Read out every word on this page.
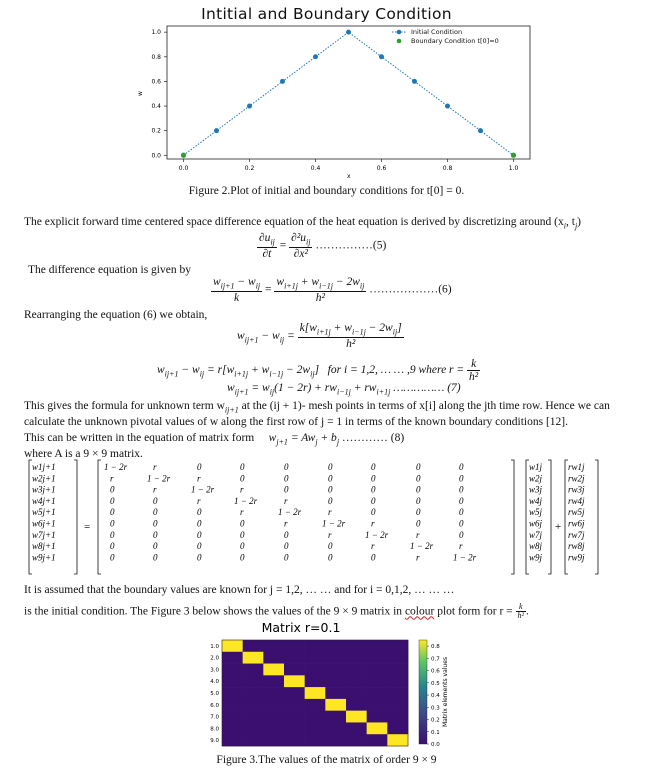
Intitial and Boundary Condition
0.0
0.2
0.4
0.6
0.8
1.0
0.0	0.2	0.4	0.6	0.8	1.0
w
x
Initial Condition
Boundary Condition t[0]=0
Figure 2.Plot of initial and boundary conditions for t[0] = 0.
The explicit forward time centered space difference equation of the heat equation is derived by discretizing around ($x_i$, $t_j$)
$\frac{\partial u_{ij}}{\partial t} = \frac{\partial^2u_{ij}}{\text{∂x²}}$ ……………(5)
The difference equation is given by
$\frac{w_{ij+1} - w_{ij}}{k} = \frac{w_{i+1j} + w_{i-1j} - 2w_{ij}}{\text{h²}}$ ………………(6)
Rearranging the equation (6) we obtain,
$w_{ij+1} - w_{ij} = \frac{k[w_{i+1j} + w_{i-1j} - 2w_{ij}]}{\text{h²}}$
$w_{ij+1} - w_{ij} = r[w_{i+1j} + w_{i-1j} - 2w_{ij}]$   for i = 1,2, … … ,9 where $r = \frac{k}{\text{h²}}$
$w_{ij+1} = w_{ij}(1 - 2r) + rw_{i-1j} + rw_{i+1j}$ …………… (7)
This gives the formula for unknown term $w_{ij+1}$ at the (ij + 1)- mesh points in terms of x[i] along the jth time row. Hence we can
calculate the unknown pivotal values of w along the first row of j = 1 in terms of the known boundary conditions [12].
This can be written in the equation of matrix form $w_{j+1} = Aw_j + b_j$ ………… (8)
where A is a 9 × 9 matrix.
w1j+1
w2j+1
w3j+1
w4j+1
w5j+1
w6j+1
w7j+1
w8j+1
w9j+1
1 − 2r	r	0	0	0	0	0	0	0
r	1 − 2r	r	0	0	0	0	0	0
0	r	1 − 2r	r	0	0	0	0	0
0	0	r	1 − 2r	r	0	0	0	0
0	0	0	r	1 − 2r	r	0	0	0
0	0	0	0	r	1 − 2r	r	0	0
0	0	0	0	0	r	1 − 2r	r	0
0	0	0	0	0	0	r	1 − 2r	r
0	0	0	0	0	0	0	r	1 − 2r
w1j
w2j
w3j
w4j
w5j
w6j
w7j
w8j
w9j
rw1j
rw2j
rw3j
rw4j
rw5j
rw6j
rw7j
rw8j
rw9j
=	+
It is assumed that the boundary values are known for j = 1,2, … … and for i = 0,1,2, … … …
is the initial condition. The Figure 3 below shows the values of the 9 × 9 matrix in colour plot form for $r = \frac{k}{\text{h²}}$ .
Matrix r=0.1
1.0
2.0
3.0
4.0
5.0
6.0
7.0
8.0
9.0
0.0
0.1
0.2
0.3
0.4
0.5
0.6
0.7
0.8
Matrix elements values
Figure 3.The values of the matrix of order 9 × 9
